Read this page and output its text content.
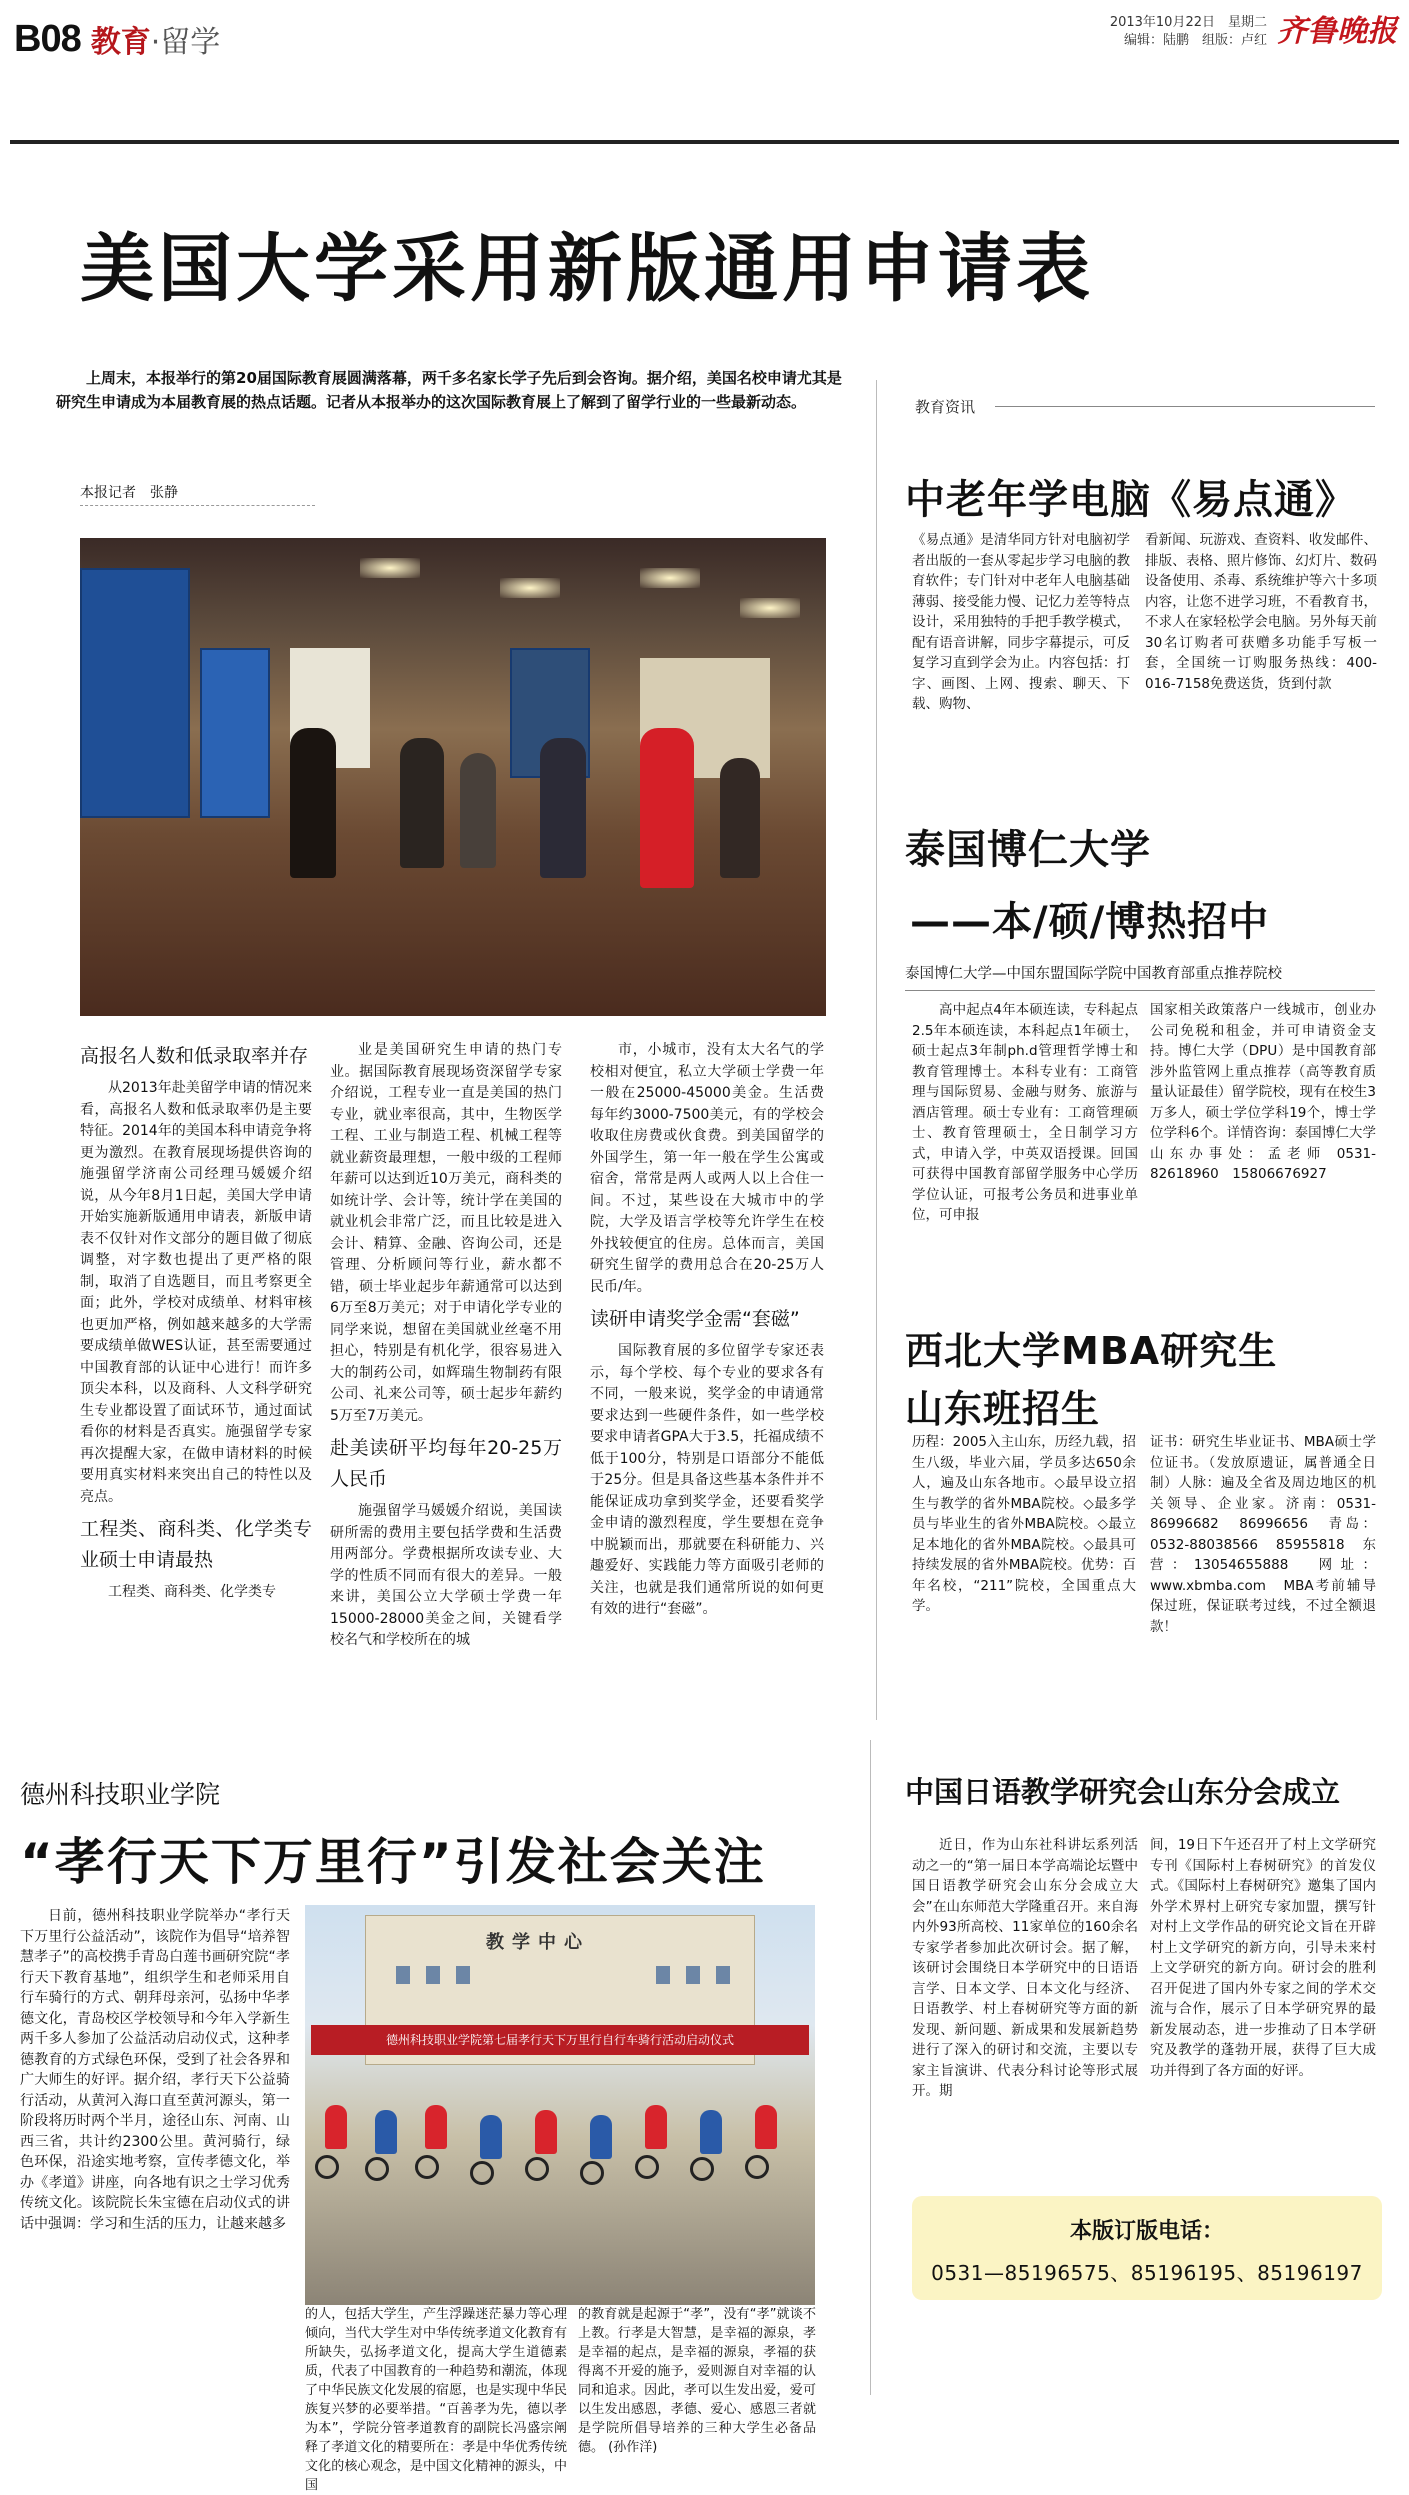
B08 教育·留学
2013年10月22日　星期二
编辑：陆鹏　组版：卢红 齐鲁晚报
美国大学采用新版通用申请表
上周末，本报举行的第20届国际教育展圆满落幕，两千多名家长学子先后到会咨询。据介绍，美国名校申请尤其是研究生申请成为本届教育展的热点话题。记者从本报举办的这次国际教育展上了解到了留学行业的一些最新动态。
本报记者　张静
高报名人数和低录取率并存

从2013年赴美留学申请的情况来看，高报名人数和低录取率仍是主要特征。2014年的美国本科申请竞争将更为激烈。在教育展现场提供咨询的施强留学济南公司经理马媛媛介绍说，从今年8月1日起，美国大学申请开始实施新版通用申请表，新版申请表不仅针对作文部分的题目做了彻底调整，对字数也提出了更严格的限制，取消了自选题目，而且考察更全面；此外，学校对成绩单、材料审核也更加严格，例如越来越多的大学需要成绩单做WES认证，甚至需要通过中国教育部的认证中心进行！而许多顶尖本科，以及商科、人文科学研究生专业都设置了面试环节，通过面试看你的材料是否真实。施强留学专家再次提醒大家，在做申请材料的时候要用真实材料来突出自己的特性以及亮点。

工程类、商科类、化学类专业硕士申请最热

工程类、商科类、化学类专

业是美国研究生申请的热门专业。据国际教育展现场资深留学专家介绍说，工程专业一直是美国的热门专业，就业率很高，其中，生物医学工程、工业与制造工程、机械工程等就业薪资最理想，一般中级的工程师年薪可以达到近10万美元，商科类的如统计学、会计等，统计学在美国的就业机会非常广泛，而且比较是进入会计、精算、金融、咨询公司，还是管理、分析顾问等行业，薪水都不错，硕士毕业起步年薪通常可以达到6万至8万美元；对于申请化学专业的同学来说，想留在美国就业丝毫不用担心，特别是有机化学，很容易进入大的制药公司，如辉瑞生物制药有限公司、礼来公司等，硕士起步年薪约5万至7万美元。

赴美读研平均每年20-25万人民币

施强留学马媛媛介绍说，美国读研所需的费用主要包括学费和生活费用两部分。学费根据所攻读专业、大学的性质不同而有很大的差异。一般来讲，美国公立大学硕士学费一年15000-28000美金之间，关键看学校名气和学校所在的城

市，小城市，没有太大名气的学校相对便宜，私立大学硕士学费一年一般在25000-45000美金。生活费每年约3000-7500美元，有的学校会收取住房费或伙食费。到美国留学的外国学生，第一年一般在学生公寓或宿舍，常常是两人或两人以上合住一间。不过，某些设在大城市中的学院，大学及语言学校等允许学生在校外找较便宜的住房。总体而言，美国研究生留学的费用总合在20-25万人民币/年。

读研申请奖学金需“套磁”

国际教育展的多位留学专家还表示，每个学校、每个专业的要求各有不同，一般来说，奖学金的申请通常要求达到一些硬件条件，如一些学校要求申请者GPA大于3.5，托福成绩不低于100分，特别是口语部分不能低于25分。但是具备这些基本条件并不能保证成功拿到奖学金，还要看奖学金申请的激烈程度，学生要想在竞争中脱颖而出，那就要在科研能力、兴趣爱好、实践能力等方面吸引老师的关注，也就是我们通常所说的如何更有效的进行“套磁”。

教育资讯
中老年学电脑《易点通》
《易点通》是清华同方针对电脑初学者出版的一套从零起步学习电脑的教育软件；专门针对中老年人电脑基础薄弱、接受能力慢、记忆力差等特点设计，采用独特的手把手教学模式，配有语音讲解，同步字幕提示，可反复学习直到学会为止。内容包括：打字、画图、上网、搜索、聊天、下载、购物、
看新闻、玩游戏、查资料、收发邮件、排版、表格、照片修饰、幻灯片、数码设备使用、杀毒、系统维护等六十多项内容，让您不进学习班，不看教育书，不求人在家轻松学会电脑。另外每天前30名订购者可获赠多功能手写板一套，全国统一订购服务热线：400-016-7158免费送货，货到付款
泰国博仁大学
——本/硕/博热招中
泰国博仁大学—中国东盟国际学院中国教育部重点推荐院校
高中起点4年本硕连读，专科起点2.5年本硕连读，本科起点1年硕士，硕士起点3年制ph.d管理哲学博士和教育管理博士。本科专业有：工商管理与国际贸易、金融与财务、旅游与酒店管理。硕士专业有：工商管理硕士、教育管理硕士，全日制学习方式，申请入学，中英双语授课。回国可获得中国教育部留学服务中心学历学位认证，可报考公务员和进事业单位，可申报
国家相关政策落户一线城市，创业办公司免税和租金，并可申请资金支持。博仁大学（DPU）是中国教育部涉外监管网上重点推荐（高等教育质量认证最佳）留学院校，现有在校生3万多人，硕士学位学科19个，博士学位学科6个。详情咨询：泰国博仁大学山东办事处：孟老师 0531-82618960　15806676927
西北大学MBA研究生
山东班招生
历程：2005入主山东，历经九载，招生八级，毕业六届，学员多达650余人，遍及山东各地市。◇最早设立招生与教学的省外MBA院校。◇最多学员与毕业生的省外MBA院校。◇最立足本地化的省外MBA院校。◇最具可持续发展的省外MBA院校。优势：百年名校，“211”院校，全国重点大学。
证书：研究生毕业证书、MBA硕士学位证书。（发放原遗证，属普通全日制）人脉：遍及全省及周边地区的机关领导、企业家。济南：0531-86996682　86996656　青岛：0532-88038566　85955818　东营：13054655888　网址：www.xbmba.com　MBA考前辅导保过班，保证联考过线，不过全额退款！
中国日语教学研究会山东分会成立
近日，作为山东社科讲坛系列活动之一的“第一届日本学高端论坛暨中国日语教学研究会山东分会成立大会”在山东师范大学隆重召开。来自海内外93所高校、11家单位的160余名专家学者参加此次研讨会。据了解，该研讨会围绕日本学研究中的日语语言学、日本文学、日本文化与经济、日语教学、村上春树研究等方面的新发现、新问题、新成果和发展新趋势进行了深入的研讨和交流，主要以专家主旨演讲、代表分科讨论等形式展开。期
间，19日下午还召开了村上文学研究专刊《国际村上春树研究》的首发仪式。《国际村上春树研究》邀集了国内外学术界村上研究专家加盟，撰写针对村上文学作品的研究论文旨在开辟村上文学研究的新方向，引导未来村上文学研究的新方向。研讨会的胜利召开促进了国内外专家之间的学术交流与合作，展示了日本学研究界的最新发展动态，进一步推动了日本学研究及教学的蓬勃开展，获得了巨大成功并得到了各方面的好评。
本版订版电话：
0531—85196575、85196195、85196197
德州科技职业学院
“孝行天下万里行”引发社会关注
日前，德州科技职业学院举办“孝行天下万里行公益活动”，该院作为倡导“培养智慧孝子”的高校携手青岛白莲书画研究院“孝行天下教育基地”，组织学生和老师采用自行车骑行的方式、朝拜母亲河，弘扬中华孝德文化，青岛校区学校领导和今年入学新生两千多人参加了公益活动启动仪式，这种孝德教育的方式绿色环保，受到了社会各界和广大师生的好评。据介绍，孝行天下公益骑行活动，从黄河入海口直至黄河源头，第一阶段将历时两个半月，途径山东、河南、山西三省，共计约2300公里。黄河骑行，绿色环保，沿途实地考察，宣传孝德文化，举办《孝道》讲座，向各地有识之士学习优秀传统文化。该院院长朱宝德在启动仪式的讲话中强调：学习和生活的压力，让越来越多
教学中心
德州科技职业学院第七届孝行天下万里行自行车骑行活动启动仪式
的人，包括大学生，产生浮躁迷茫暴力等心理倾向，当代大学生对中华传统孝道文化教育有所缺失，弘扬孝道文化，提高大学生道德素质，代表了中国教育的一种趋势和潮流，体现了中华民族文化发展的宿愿，也是实现中华民族复兴梦的必要举措。“百善孝为先，德以孝为本”，学院分管孝道教育的副院长冯盛宗阐释了孝道文化的精要所在：孝是中华优秀传统文化的核心观念，是中国文化精神的源头，中国
的教育就是起源于“孝”，没有“孝”就谈不上教。行孝是大智慧，是幸福的源泉，孝是幸福的起点，是幸福的源泉，孝福的获得离不开爱的施予，爱则源自对幸福的认同和追求。因此，孝可以生发出爱，爱可以生发出感恩，孝德、爱心、感恩三者就是学院所倡导培养的三种大学生必备品德。 (孙作洋)
